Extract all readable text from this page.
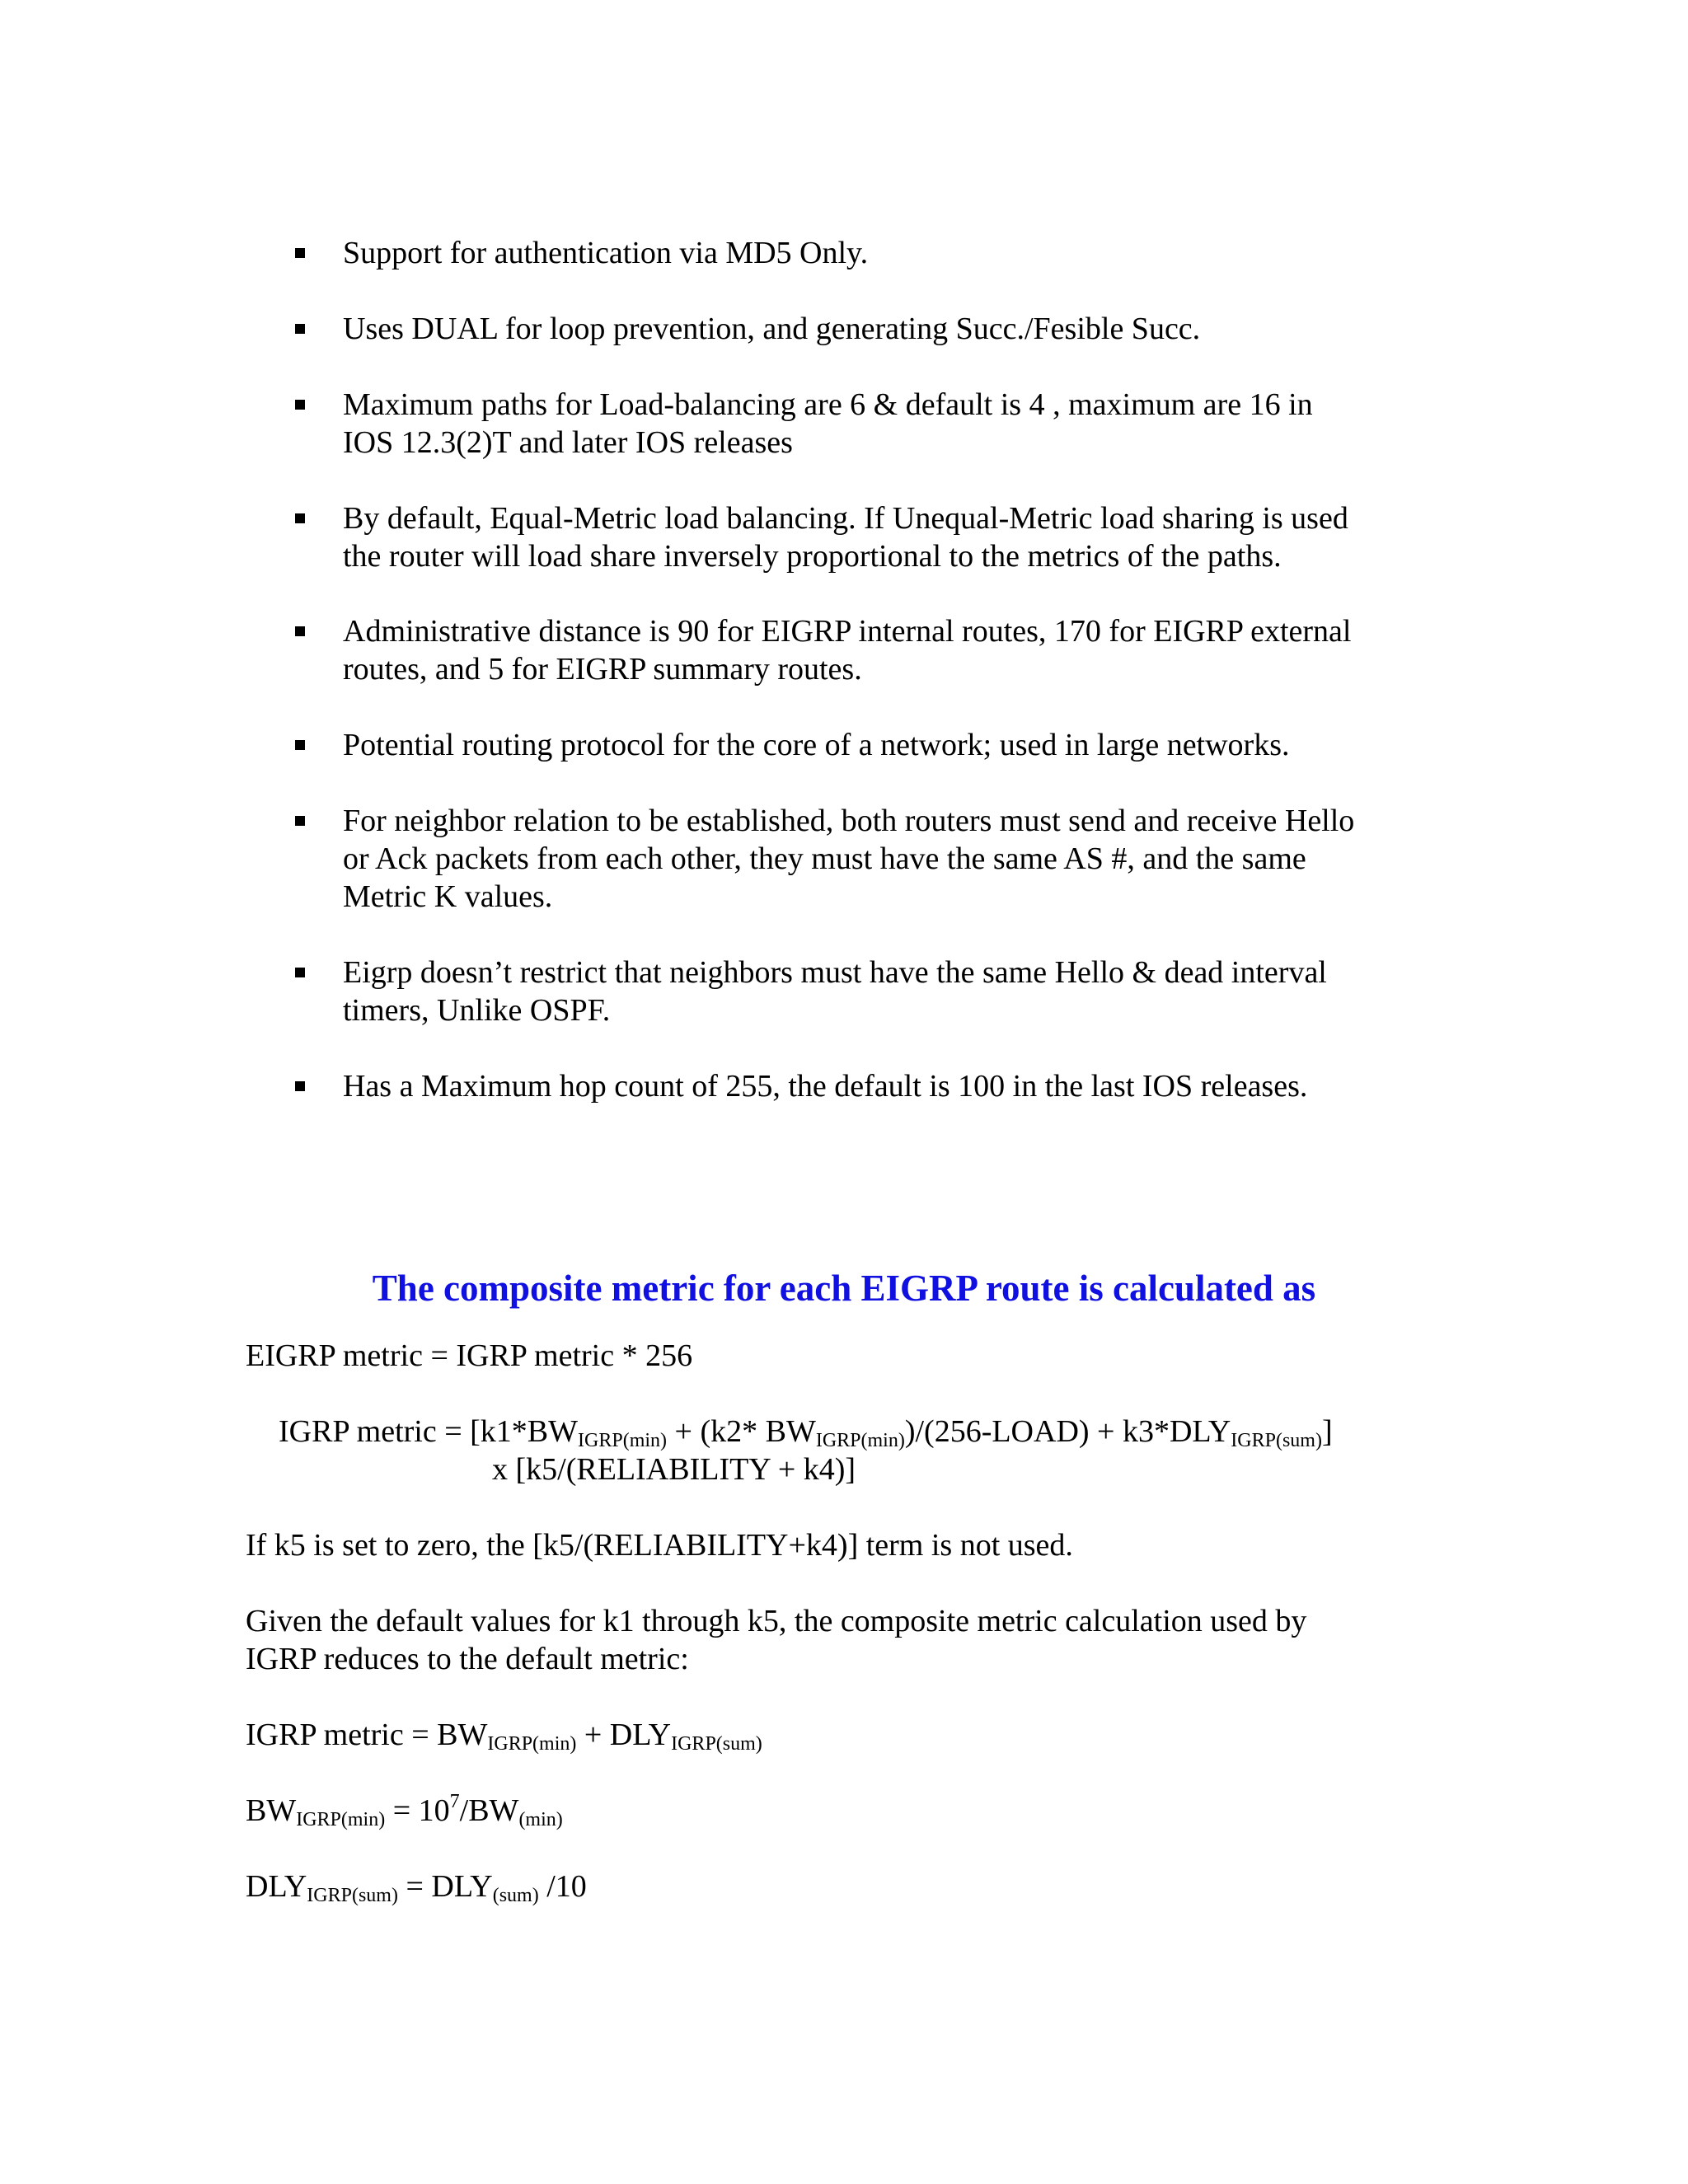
Support for authentication via MD5 Only.
Uses DUAL for loop prevention, and generating Succ./Fesible Succ.
Maximum paths for Load-balancing are 6 & default is 4 , maximum are 16 in
IOS 12.3(2)T and later IOS releases
By default, Equal-Metric load balancing. If Unequal-Metric load sharing is used
the router will load share inversely proportional to the metrics of the paths.
Administrative distance is 90 for EIGRP internal routes, 170 for EIGRP external
routes, and 5 for EIGRP summary routes.
Potential routing protocol for the core of a network; used in large networks.
For neighbor relation to be established, both routers must send and receive Hello
or Ack packets from each other, they must have the same AS #, and the same
Metric K values.
Eigrp doesn’t restrict that neighbors must have the same Hello & dead interval
timers, Unlike OSPF.
Has a Maximum hop count of 255, the default is 100 in the last IOS releases.
The composite metric for each EIGRP route is calculated as
EIGRP metric = IGRP metric * 256
IGRP metric = [$k1*BW_{IGRP(min)} + (k2*$ $BW_{IGRP(min)})/(256-LOAD) + k3*DLY_{IGRP(sum)}$]
x [k5/(RELIABILITY + k4)]
If k5 is set to zero, the [k5/(RELIABILITY+k4)] term is not used.
Given the default values for k1 through k5, the composite metric calculation used by
IGRP reduces to the default metric:
IGRP metric = $BW_{IGRP(min)} + DLY_{IGRP(sum)}$
$BW_{IGRP(min)} = 10^7/BW_{(min)}$
$DLY_{IGRP(sum)} = DLY_{(sum)}$ /10
